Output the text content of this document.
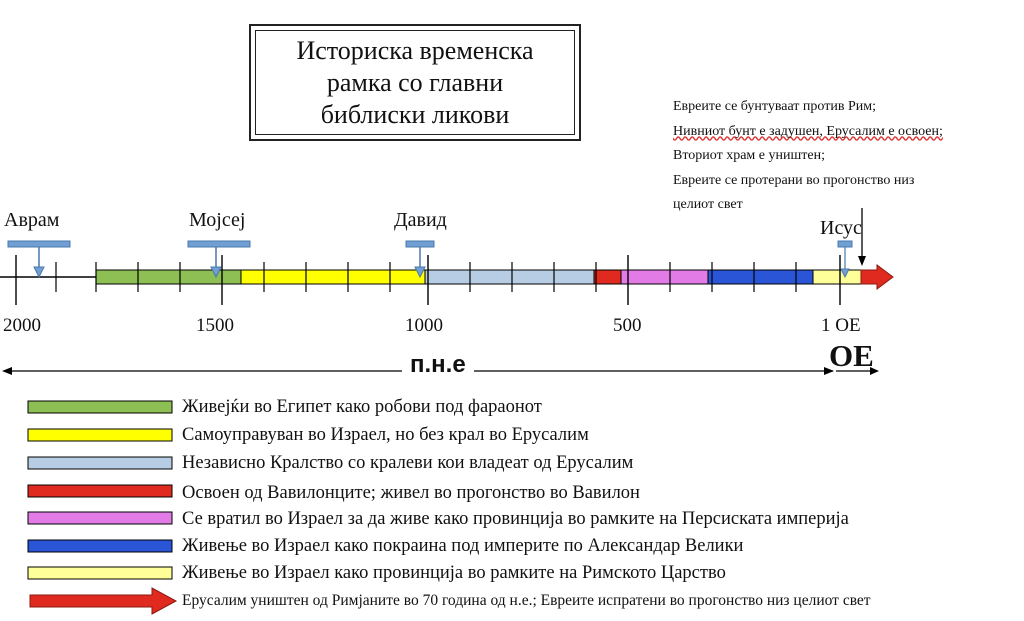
Историска временска
рамка со главни
библиски ликови	Евреите се бунтуваат против Рим;
Нивниот бунт е задушен, Ерусалим е освоен;
Вториот храм е уништен;
Евреите се протерани во прогонство низ
целиот свет
Аврам	Мојсеј	Давид	Исус
2000	1500	1000	500	1 ОЕ
п.н.е	ОЕ
Живејќи во Египет како робови под фараонот
Самоуправуван во Израел, но без крал во Ерусалим
Независно Кралство со кралеви кои владеат од Ерусалим
Освоен од Вавилонците; живел во прогонство во Вавилон
Се вратил во Израел за да живе како провинција во рамките на Персиската империја
Живење во Израел како покраина под империте по Александар Велики
Живење во Израел како провинција во рамките на Римското Царство
Ерусалим уништен од Римјаните во 70 година од н.е.; Евреите испратени во прогонство низ целиот свет
